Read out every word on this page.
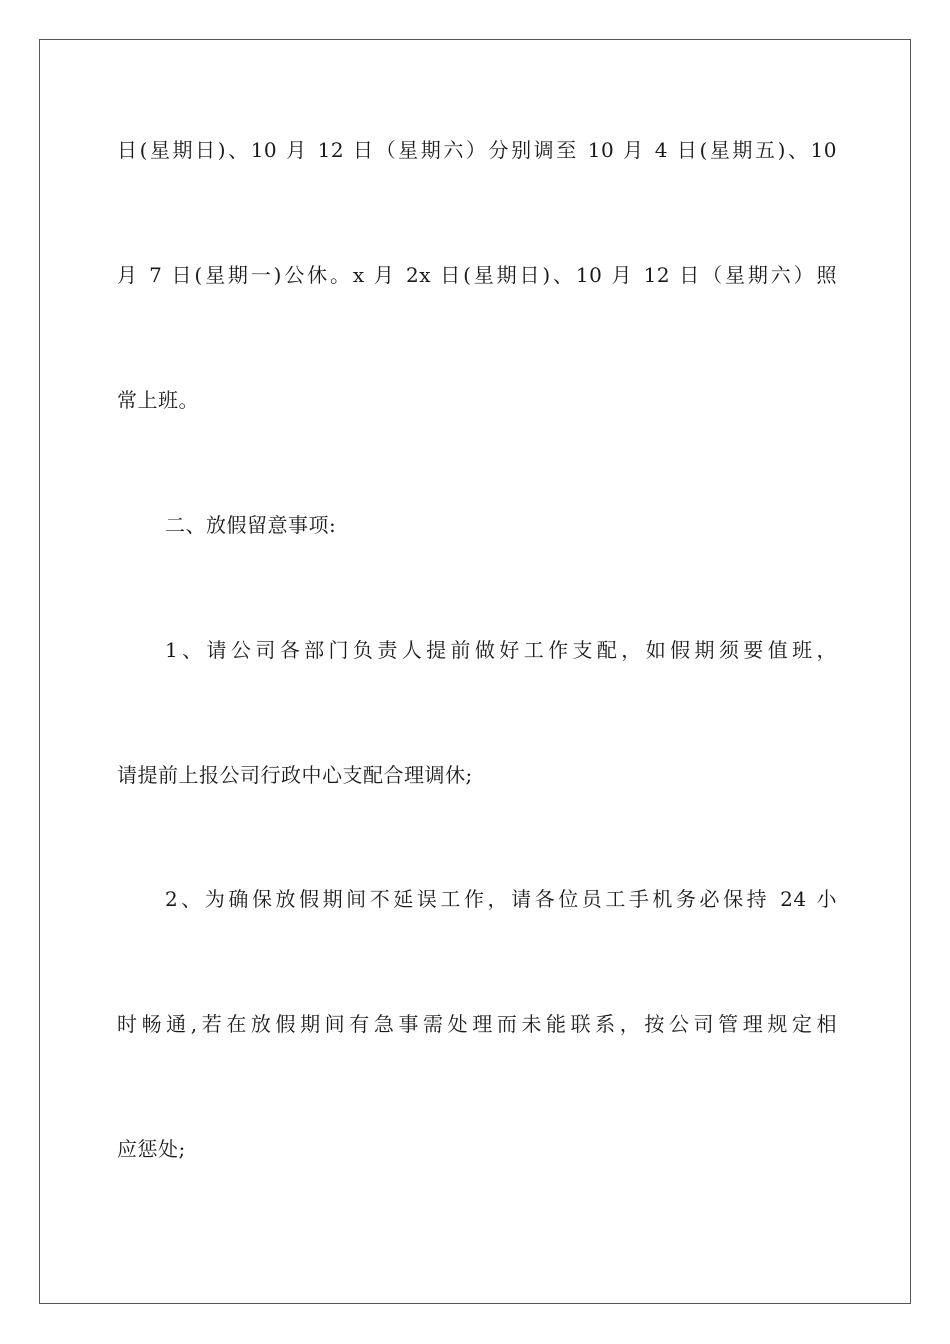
日(星期日)、10 月 12 日（星期六）分别调至 10 月 4 日(星期五)、10
月 7 日(星期一)公休。x 月 2x 日(星期日)、10 月 12 日（星期六）照
常上班。
二、放假留意事项:
1、请公司各部门负责人提前做好工作支配，如假期须要值班，
请提前上报公司行政中心支配合理调休;
2、为确保放假期间不延误工作，请各位员工手机务必保持 24 小
时畅通,若在放假期间有急事需处理而未能联系，按公司管理规定相
应惩处;
